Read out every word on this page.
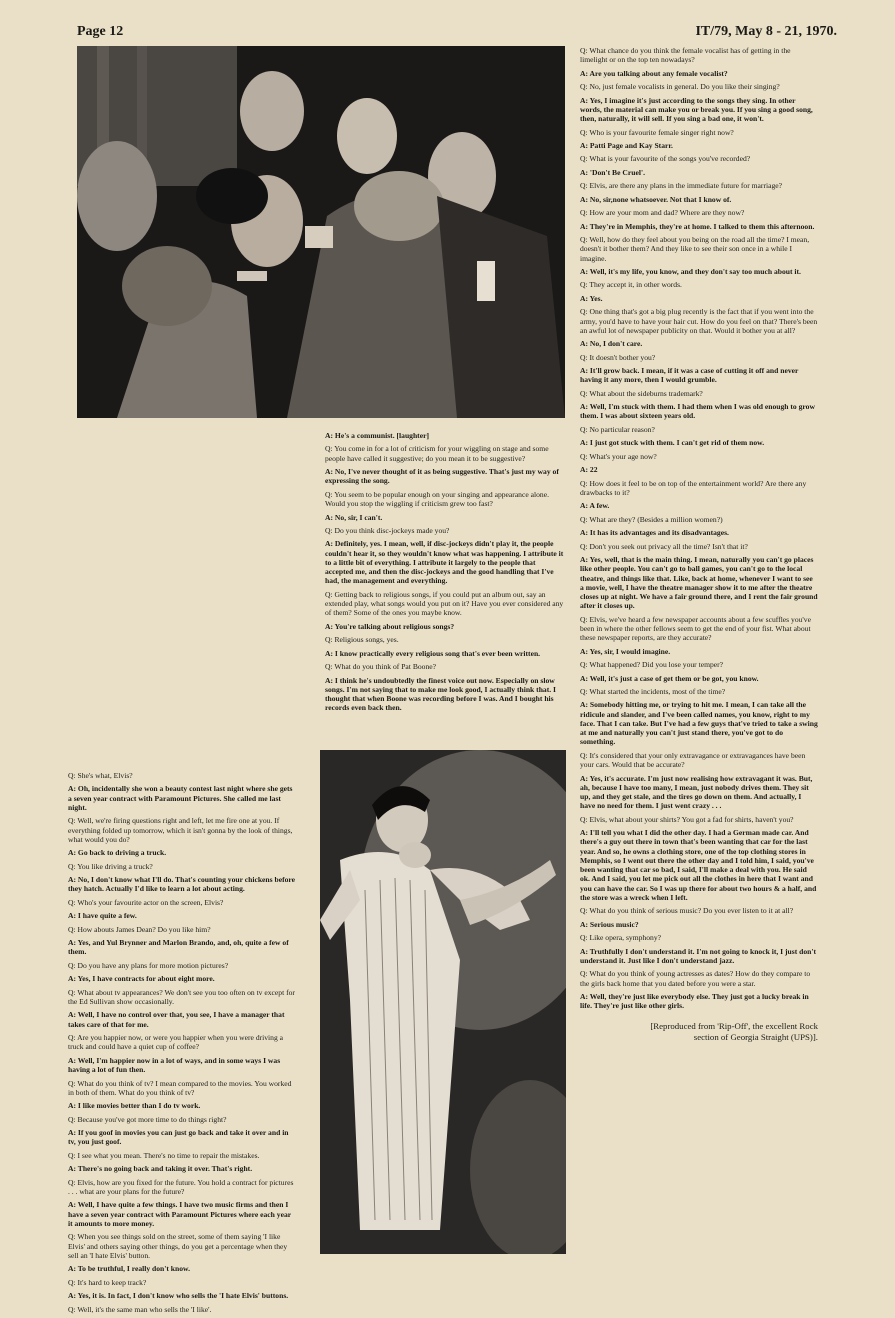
Page 12	IT/79, May 8 - 21, 1970.

A: He's a communist. [laughter]

Q: You come in for a lot of criticism for your wiggling on stage and some people have called it suggestive; do you mean it to be suggestive?

A: No, I've never thought of it as being suggestive. That's just my way of expressing the song.

Q: You seem to be popular enough on your singing and appearance alone. Would you stop the wiggling if criticism grew too fast?

A: No, sir, I can't.

Q: Do you think disc-jockeys made you?

A: Definitely, yes. I mean, well, if disc-jockeys didn't play it, the people couldn't hear it, so they wouldn't know what was happening. I attribute it to a little bit of everything. I attribute it largely to the people that accepted me, and then the disc-jockeys and the good handling that I've had, the management and everything.

Q: Getting back to religious songs, if you could put an album out, say an extended play, what songs would you put on it? Have you ever considered any of them? Some of the ones you maybe know.

A: You're talking about religious songs?

Q: Religious songs, yes.

A: I know practically every religious song that's ever been written.

Q: What do you think of Pat Boone?

A: I think he's undoubtedly the finest voice out now. Especially on slow songs. I'm not saying that to make me look good, I actually think that. I thought that when Boone was recording before I was. And I bought his records even back then.

Q: She's what, Elvis?

A: Oh, incidentally she won a beauty contest last night where she gets a seven year contract with Paramount Pictures. She called me last night.

Q: Well, we're firing questions right and left, let me fire one at you. If everything folded up tomorrow, which it isn't gonna by the look of things, what would you do?

A: Go back to driving a truck.

Q: You like driving a truck?

A: No, I don't know what I'll do. That's counting your chickens before they hatch. Actually I'd like to learn a lot about acting.

Q: Who's your favourite actor on the screen, Elvis?

A: I have quite a few.

Q: How abouts James Dean? Do you like him?

A: Yes, and Yul Brynner and Marlon Brando, and, oh, quite a few of them.

Q: Do you have any plans for more motion pictures?

A: Yes, I have contracts for about eight more.

Q: What about tv appearances? We don't see you too often on tv except for the Ed Sullivan show occasionally.

A: Well, I have no control over that, you see, I have a manager that takes care of that for me.

Q: Are you happier now, or were you happier when you were driving a truck and could have a quiet cup of coffee?

A: Well, I'm happier now in a lot of ways, and in some ways I was having a lot of fun then.

Q: What do you think of tv? I mean compared to the movies. You worked in both of them. What do you think of tv?

A: I like movies better than I do tv work.

Q: Because you've got more time to do things right?

A: If you goof in movies you can just go back and take it over and in tv, you just goof.

Q: I see what you mean. There's no time to repair the mistakes.

A: There's no going back and taking it over. That's right.

Q: Elvis, how are you fixed for the future. You hold a contract for pictures . . . what are your plans for the future?

A: Well, I have quite a few things. I have two music firms and then I have a seven year contract with Paramount Pictures where each year it amounts to more money.

Q: When you see things sold on the street, some of them saying 'I like Elvis' and others saying other things, do you get a percentage when they sell an 'I hate Elvis' button.

A: To be truthful, I really don't know.

Q: It's hard to keep track?

A: Yes, it is. In fact, I don't know who sells the 'I hate Elvis' buttons.

Q: Well, it's the same man who sells the 'I like'.

Q: What chance do you think the female vocalist has of getting in the limelight or on the top ten nowadays?

A: Are you talking about any female vocalist?

Q: No, just female vocalists in general. Do you like their singing?

A: Yes, I imagine it's just according to the songs they sing. In other words, the material can make you or break you. If you sing a good song, then, naturally, it will sell. If you sing a bad one, it won't.

Q: Who is your favourite female singer right now?

A: Patti Page and Kay Starr.

Q: What is your favourite of the songs you've recorded?

A: 'Don't Be Cruel'.

Q: Elvis, are there any plans in the immediate future for marriage?

A: No, sir,none whatsoever. Not that I know of.

Q: How are your mom and dad? Where are they now?

A: They're in Memphis, they're at home. I talked to them this afternoon.

Q: Well, how do they feel about you being on the road all the time? I mean, doesn't it bother them? And they like to see their son once in a while I imagine.

A: Well, it's my life, you know, and they don't say too much about it.

Q: They accept it, in other words.

A: Yes.

Q: One thing that's got a big plug recently is the fact that if you went into the army, you'd have to have your hair cut. How do you feel on that? There's been an awful lot of newspaper publicity on that. Would it bother you at all?

A: No, I don't care.

Q: It doesn't bother you?

A: It'll grow back. I mean, if it was a case of cutting it off and never having it any more, then I would grumble.

Q: What about the sideburns trademark?

A: Well, I'm stuck with them. I had them when I was old enough to grow them. I was about sixteen years old.

Q: No particular reason?

A: I just got stuck with them. I can't get rid of them now.

Q: What's your age now?

A: 22

Q: How does it feel to be on top of the entertainment world? Are there any drawbacks to it?

A: A few.

Q: What are they? (Besides a million women?)

A: It has its advantages and its disadvantages.

Q: Don't you seek out privacy all the time? Isn't that it?

A: Yes, well, that is the main thing. I mean, naturally you can't go places like other people. You can't go to ball games, you can't go to the local theatre, and things like that. Like, back at home, whenever I want to see a movie, well, I have the theatre manager show it to me after the theatre closes up at night. We have a fair ground there, and I rent the fair ground after it closes up.

Q: Elvis, we've heard a few newspaper accounts about a few scuffles you've been in where the other fellows seem to get the end of your fist. What about these newspaper reports, are they accurate?

A: Yes, sir, I would imagine.

Q: What happened? Did you lose your temper?

A: Well, it's just a case of get them or be got, you know.

Q: What started the incidents, most of the time?

A: Somebody hitting me, or trying to hit me. I mean, I can take all the ridicule and slander, and I've been called names, you know, right to my face. That I can take. But I've had a few guys that've tried to take a swing at me and naturally you can't just stand there, you've got to do something.

Q: It's considered that your only extravagance or extravagances have been your cars. Would that be accurate?

A: Yes, it's accurate. I'm just now realising how extravagant it was. But, ah, because I have too many, I mean, just nobody drives them. They sit up, and they get stale, and the tires go down on them. And actually, I have no need for them. I just went crazy . . .

Q: Elvis, what about your shirts? You got a fad for shirts, haven't you?

A: I'll tell you what I did the other day. I had a German made car. And there's a guy out there in town that's been wanting that car for the last year. And so, he owns a clothing store, one of the top clothing stores in Memphis, so I went out there the other day and I told him, I said, you've been wanting that car so bad, I said, I'll make a deal with you. He said ok. And I said, you let me pick out all the clothes in here that I want and you can have the car. So I was up there for about two hours & a half, and the store was a wreck when I left.

Q: What do you think of serious music? Do you ever listen to it at all?

A: Serious music?

Q: Like opera, symphony?

A: Truthfully I don't understand it. I'm not going to knock it, I just don't understand it. Just like I don't understand jazz.

Q: What do you think of young actresses as dates? How do they compare to the girls back home that you dated before you were a star.

A: Well, they're just like everybody else. They just got a lucky break in life. They're just like other girls.

[Reproduced from 'Rip-Off', the excellent Rock
section of Georgia Straight (UPS)].
